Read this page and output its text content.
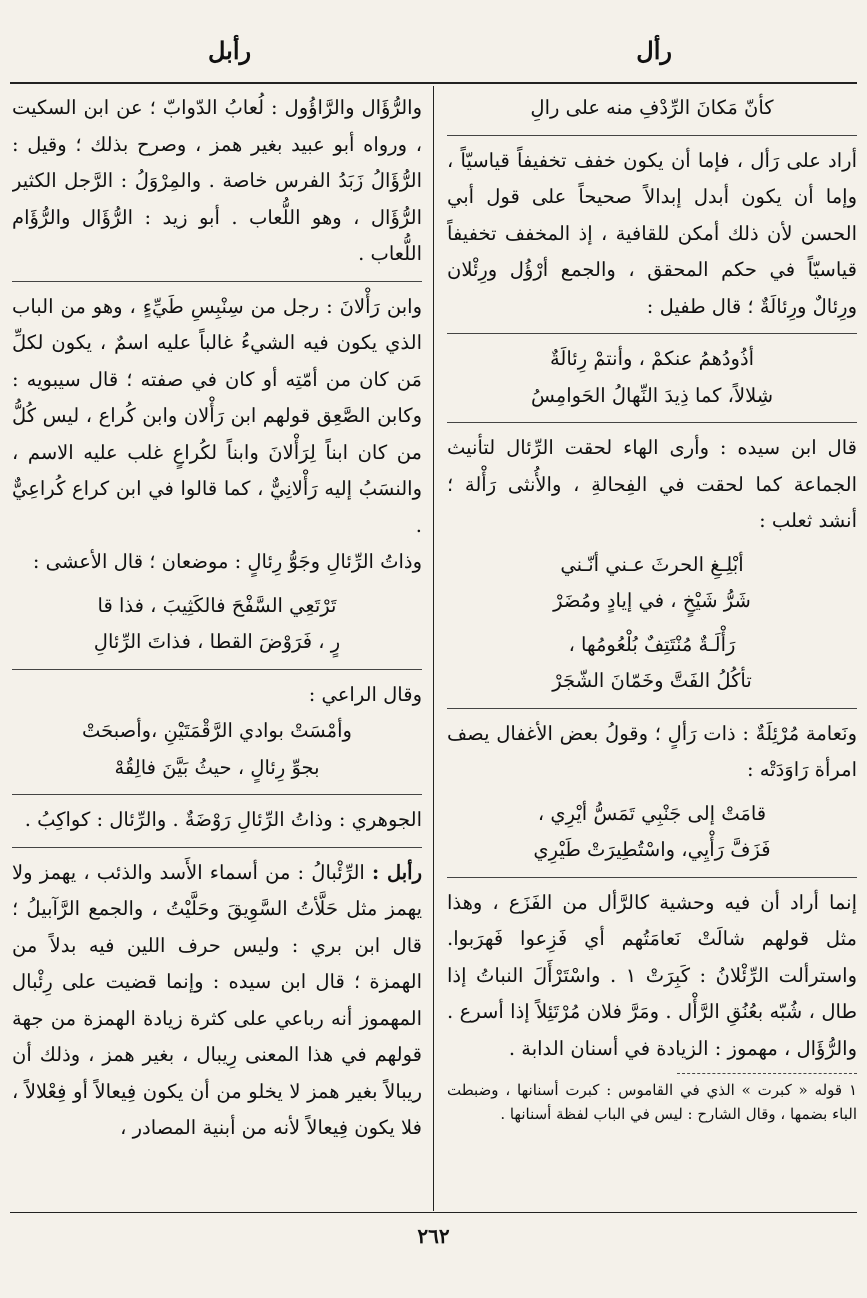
رأل
رأبل

كأنّ مَكانَ الرِّدْفِ منه على رالِ

أراد على رَأل ، فإما أن يكون خفف تخفيفاً قياسيّاً ، وإما أن يكون أبدل إبدالاً صحيحاً على قول أبي الحسن لأن ذلك أمكن للقافية ، إذ المخفف تخفيفاً قياسيّاً في حكم المحقق ، والجمع أرْؤُل ورِئْلان ورِئالٌ ورِئالَةٌ ؛ قال طفيل :

أذُودُهمُ عنكمْ ، وأنتمْ رِئالَةٌ

شِلالاً، كما ذِيدَ النِّهالُ الحَوامِسُ

قال ابن سيده : وأرى الهاء لحقت الرِّئال لتأنيث الجماعة كما لحقت في الفِحالةِ ، والأُنثى رَأْلة ؛ أنشد ثعلب :

أبْلِـغِ الحرثَ عـني أنّـني

شَرُّ شَيْخٍ ، في إيادٍ ومُضَرْ

رَأْلَـةٌ مُنْتَتِفٌ بُلْعُومُها ،

تأكُلُ الفَتَّ وخَمّانَ الشّجَرْ

ونَعامة مُرْئِلَةٌ : ذات رَألٍ ؛ وقولُ بعض الأغفال يصف امرأة رَاوَدَتْه :

قامَتْ إلى جَنْبِي تَمَسُّ أيْرِي ،

فَزَفَّ رَأْيِي، واسْتُطِيرَتْ طَيْرِي

إنما أراد أن فيه وحشية كالرَّأل من الفَزَع ، وهذا مثل قولهم شالَتْ نَعامَتُهم أي فَزِعوا فَهرَبوا. واسترألت الرِّئْلانُ : كَبِرَتْ ١ . واسْتَرْأَلَ النباتُ إذا طال ، شُبّه بعُنُقِ الرَّأْل . ومَرَّ فلان مُرْتَئِلاً إذا أسرع . والرُّؤَال ، مهموز : الزيادة في أسنان الدابة .

١ قوله « كبرت » الذي في القاموس : كبرت أسنانها ، وضبطت الباء بضمها ، وقال الشارح : ليس في الباب لفظة أسنانها .

والرُّؤَال والرَّاؤُول : لُعابُ الدّوابّ ؛ عن ابن السكيت ، ورواه أبو عبيد بغير همز ، وصرح بذلك ؛ وقيل : الرُّؤَالُ زَبَدُ الفرس خاصة . والمِرْوَلُ : الرَّجل الكثير الرُّؤَال ، وهو اللُّعاب . أبو زيد : الرُّؤَال والرُّؤَام اللُّعاب .

وابن رَأْلانَ : رجل من سِنْبِسِ طَيِّءٍ ، وهو من الباب الذي يكون فيه الشيءُ غالباً عليه اسمٌ ، يكون لكلِّ مَن كان من أمّتِه أو كان في صفته ؛ قال سيبويه : وكابن الصَّعِق قولهم ابن رَأْلان وابن كُراع ، ليس كُلُّ من كان ابناً لِرَأْلانَ وابناً لكُراعٍ غلب عليه الاسم ، والنسَبُ إليه رَأْلانِيٌّ ، كما قالوا في ابن كراع كُراعِيٌّ .

وذاتُ الرِّئالِ وجَوُّ رِئالٍ : موضعان ؛ قال الأعشى :

تَرْتَعِي السَّفْحَ فالكَثِيبَ ، فذا قا

رٍ ، فَرَوْضَ القطا ، فذاتَ الرِّئالِ

وقال الراعي :

وأمْسَتْ بوادي الرَّقْمَتَيْنِ ،وأصبحَتْ

بجوِّ رِئالٍ ، حيثُ بَيَّنَ فالِقُهْ

الجوهري : وذاتُ الرِّئالِ رَوْضَةٌ . والرِّئال : كواكِبُ .

رأبل : الرِّئْبالُ : من أسماء الأَسد والذئب ، يهمز ولا يهمز مثل حَلَّأتُ السَّوِيقَ وحَلَّيْتُ ، والجمع الرَّآبيلُ ؛ قال ابن بري : وليس حرف اللين فيه بدلاً من الهمزة ؛ قال ابن سيده : وإنما قضيت على رِئْبال المهموز أنه رباعي على كثرة زيادة الهمزة من جهة قولهم في هذا المعنى رِيبال ، بغير همز ، وذلك أن ريبالاً بغير همز لا يخلو من أن يكون فِيعالاً أو فِعْلالاً ، فلا يكون فِيعالاً لأنه من أبنية المصادر ،

٢٦٢
